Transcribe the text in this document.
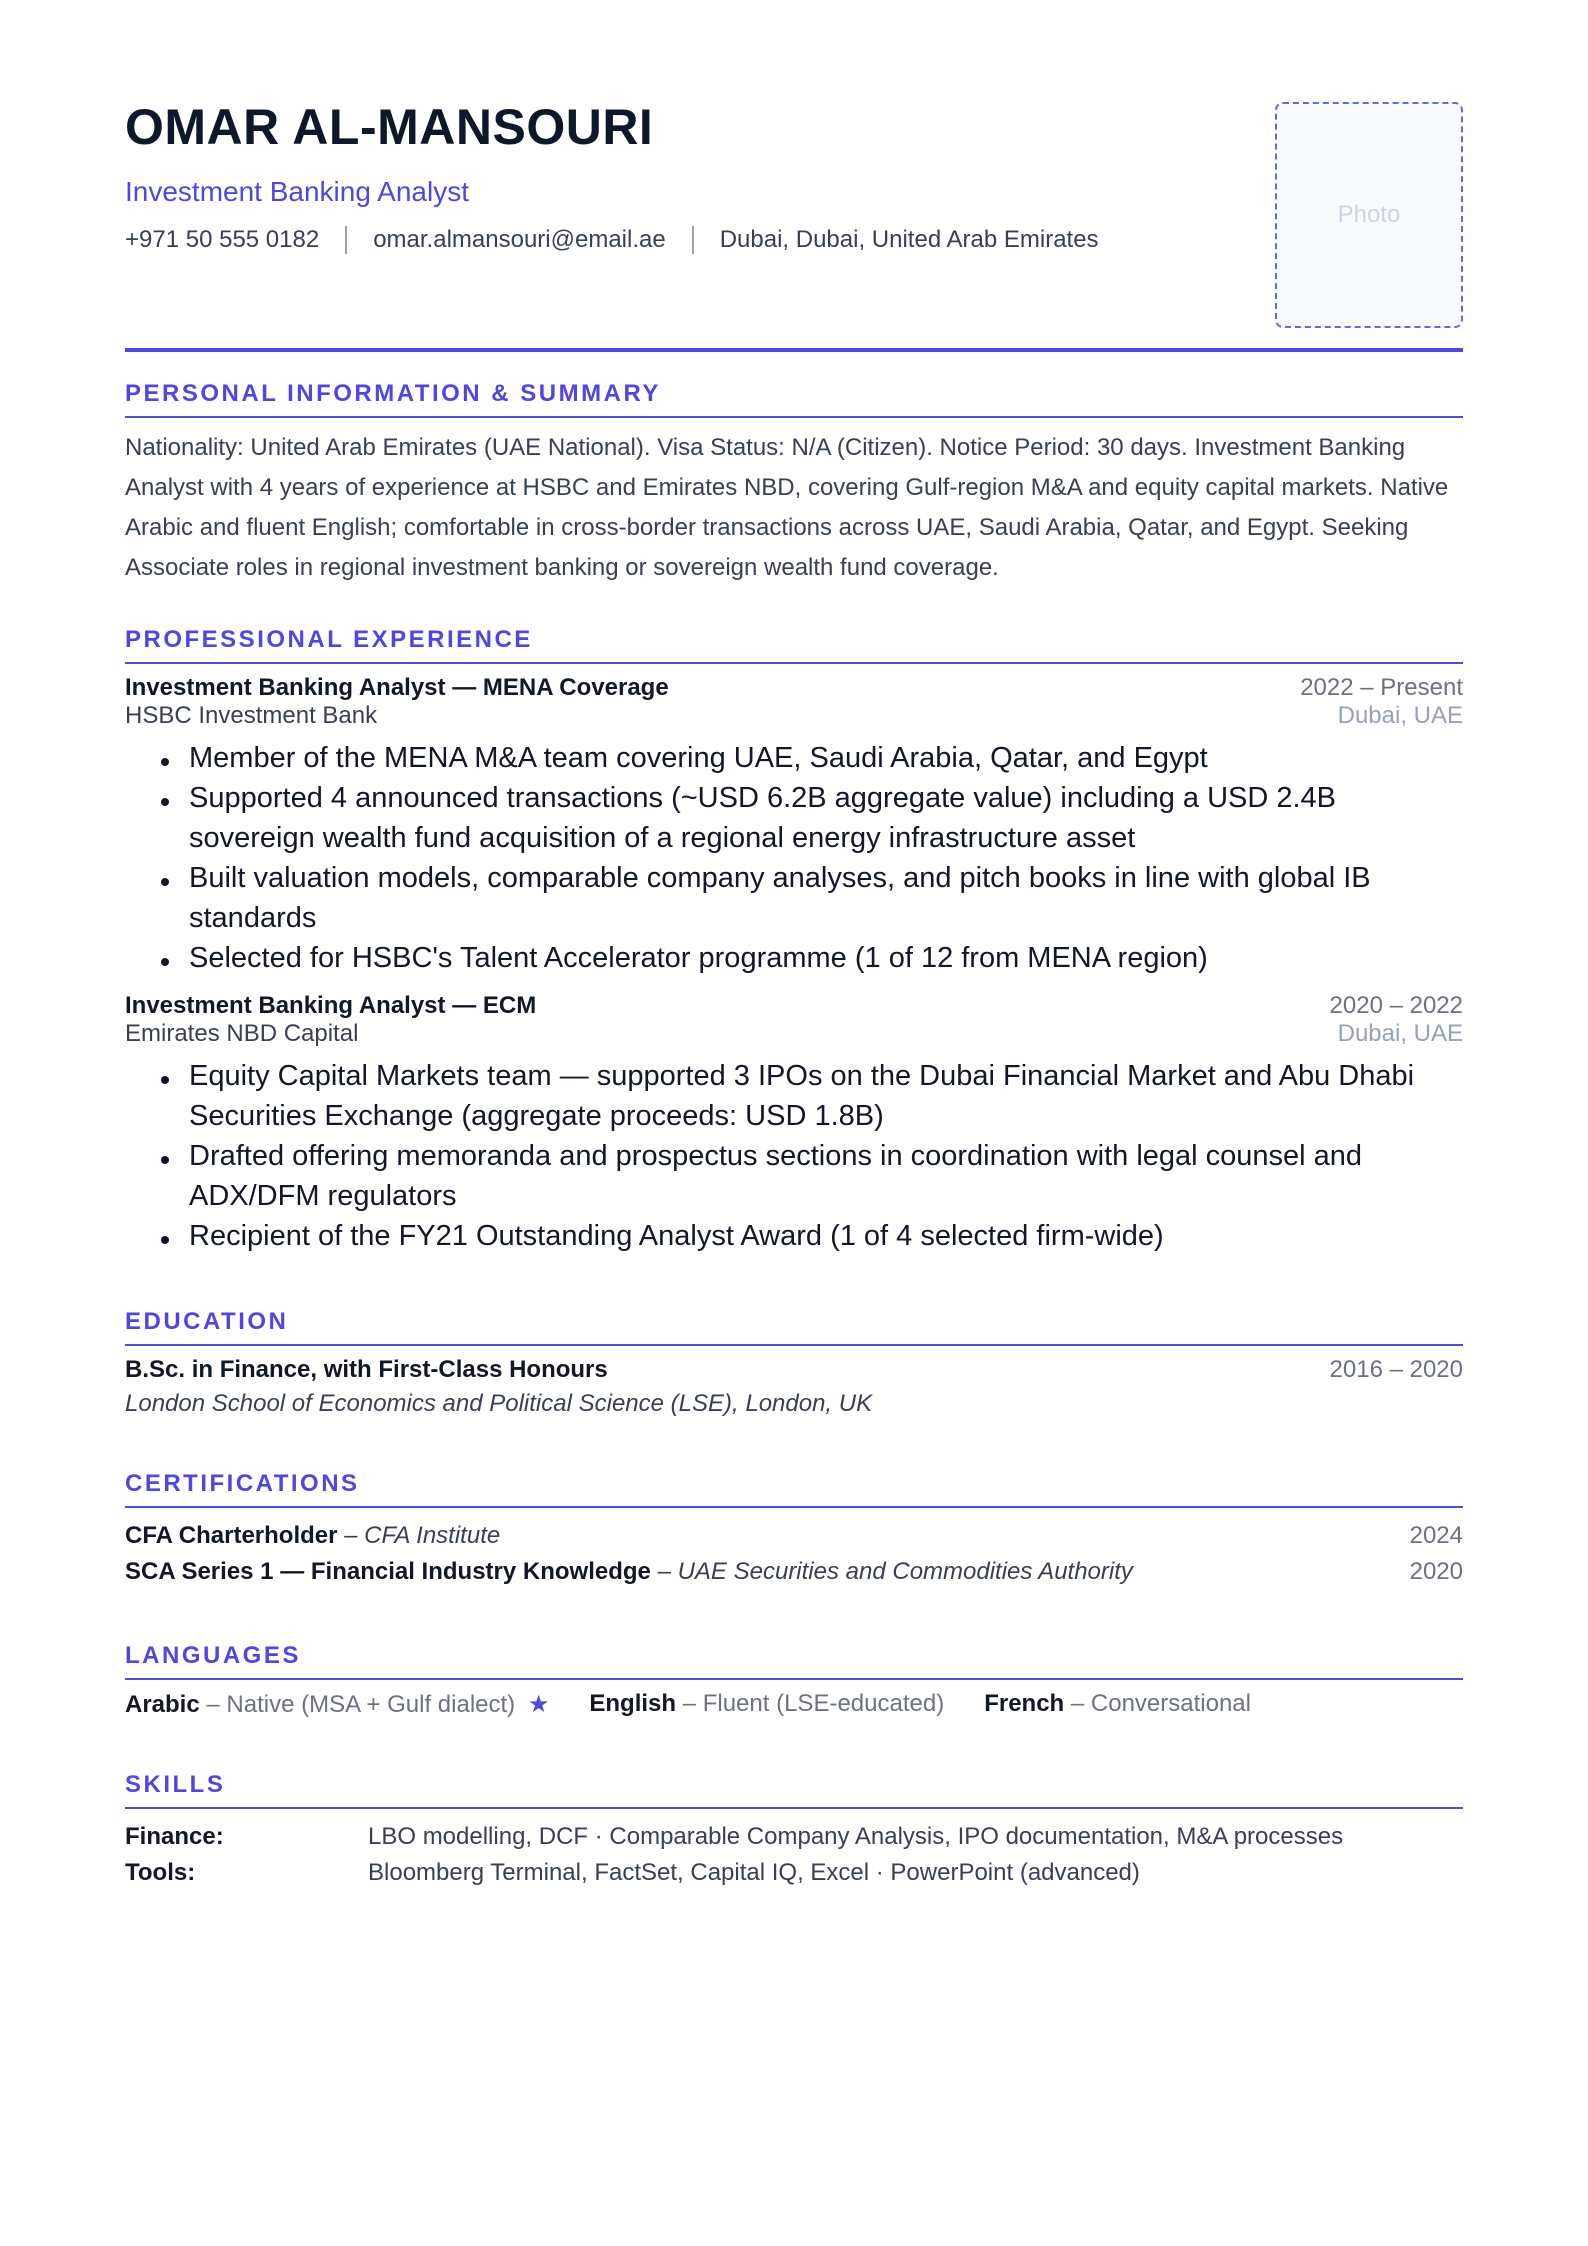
OMAR AL-MANSOURI
Investment Banking Analyst
+971 50 555 0182 omar.almansouri@email.ae Dubai, Dubai, United Arab Emirates
Photo
PERSONAL INFORMATION & SUMMARY
Nationality: United Arab Emirates (UAE National). Visa Status: N/A (Citizen). Notice Period: 30 days. Investment Banking Analyst with 4 years of experience at HSBC and Emirates NBD, covering Gulf-region M&A and equity capital markets. Native Arabic and fluent English; comfortable in cross-border transactions across UAE, Saudi Arabia, Qatar, and Egypt. Seeking Associate roles in regional investment banking or sovereign wealth fund coverage.
PROFESSIONAL EXPERIENCE
Investment Banking Analyst — MENA Coverage	2022 – Present
HSBC Investment Bank	Dubai, UAE
Member of the MENA M&A team covering UAE, Saudi Arabia, Qatar, and Egypt
Supported 4 announced transactions (~USD 6.2B aggregate value) including a USD 2.4B sovereign wealth fund acquisition of a regional energy infrastructure asset
Built valuation models, comparable company analyses, and pitch books in line with global IB standards
Selected for HSBC's Talent Accelerator programme (1 of 12 from MENA region)
Investment Banking Analyst — ECM	2020 – 2022
Emirates NBD Capital	Dubai, UAE
Equity Capital Markets team — supported 3 IPOs on the Dubai Financial Market and Abu Dhabi Securities Exchange (aggregate proceeds: USD 1.8B)
Drafted offering memoranda and prospectus sections in coordination with legal counsel and ADX/DFM regulators
Recipient of the FY21 Outstanding Analyst Award (1 of 4 selected firm-wide)
EDUCATION
B.Sc. in Finance, with First-Class Honours	2016 – 2020
London School of Economics and Political Science (LSE), London, UK
CERTIFICATIONS
CFA Charterholder – CFA Institute	2024
SCA Series 1 — Financial Industry Knowledge – UAE Securities and Commodities Authority	2020
LANGUAGES
Arabic – Native (MSA + Gulf dialect) ★ English – Fluent (LSE-educated) French – Conversational
SKILLS
Finance:	LBO modelling, DCF · Comparable Company Analysis, IPO documentation, M&A processes
Tools:	Bloomberg Terminal, FactSet, Capital IQ, Excel · PowerPoint (advanced)
